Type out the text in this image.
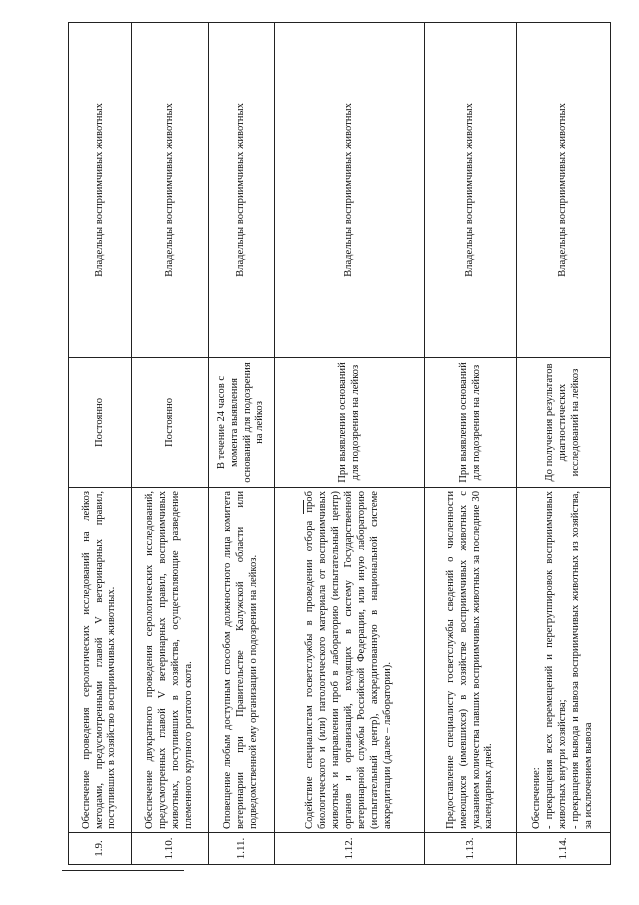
1.9.	Обеспечение проведения серологических исследований на лейкоз методами, предусмотренными главой V ветеринарных правил, поступивших в хозяйство восприимчивых животных.	Постоянно	Владельцы восприимчивых животных
1.10.	Обеспечение двукратного проведения серологических исследований, предусмотренных главой V ветеринарных правил, восприимчивых животных, поступивших в хозяйства, осуществляющие разведение племенного крупного рогатого скота.	Постоянно	Владельцы восприимчивых животных
1.11.	Оповещение любым доступным способом должностного лица комитета ветеринарии при Правительстве Калужской области или подведомственной ему организации о подозрении на лейкоз.	В течение 24 часов с момента выявления оснований для подозрения на лейкоз	Владельцы восприимчивых животных
1.12.	Содействие специалистам госветслужбы в проведении отбора проб биологического и (или) патологического материала от восприимчивых животных и направлении проб в лабораторию (испытательный центр) органов и организаций, входящих в систему Государственной ветеринарной службы Российской Федерации, или иную лабораторию (испытательный центр), аккредитованную в национальной системе аккредитации (далее – лаборатории).	При выявлении оснований для подозрения на лейкоз	Владельцы восприимчивых животных
1.13.	Предоставление специалисту госветслужбы сведений о численности имеющихся (имевшихся) в хозяйстве восприимчивых животных с указанием количества павших восприимчивых животных за последние 30 календарных дней.	При выявлении оснований для подозрения на лейкоз	Владельцы восприимчивых животных
1.14.	Обеспечение: - прекращения всех перемещений и перегруппировок восприимчивых животных внутри хозяйства; - прекращения вывода и вывоза восприимчивых животных из хозяйства, за исключением вывоза	До получения результатов диагностических исследований на лейкоз	Владельцы восприимчивых животных
